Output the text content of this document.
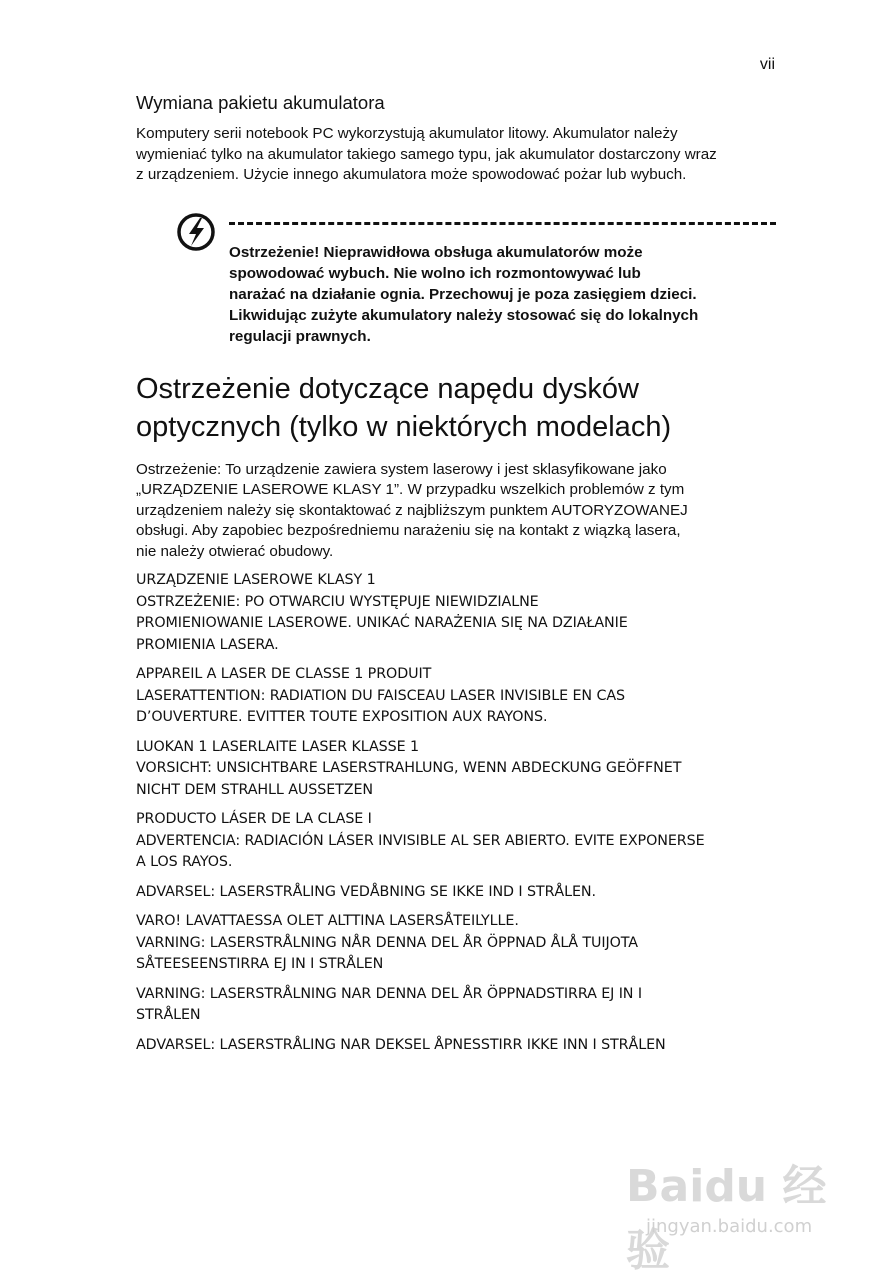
vii
Wymiana pakietu akumulatora

Komputery serii notebook PC wykorzystują akumulator litowy. Akumulator należy
wymieniać tylko na akumulator takiego samego typu, jak akumulator dostarczony wraz
z urządzeniem. Użycie innego akumulatora może spowodować pożar lub wybuch.

Ostrzeżenie! Nieprawidłowa obsługa akumulatorów może
spowodować wybuch. Nie wolno ich rozmontowywać lub
narażać na działanie ognia. Przechowuj je poza zasięgiem dzieci.
Likwidując zużyte akumulatory należy stosować się do lokalnych
regulacji prawnych.
Ostrzeżenie dotyczące napędu dysków
optycznych (tylko w niektórych modelach)

Ostrzeżenie: To urządzenie zawiera system laserowy i jest sklasyfikowane jako
„URZĄDZENIE LASEROWE KLASY 1”. W przypadku wszelkich problemów z tym
urządzeniem należy się skontaktować z najbliższym punktem AUTORYZOWANEJ
obsługi. Aby zapobiec bezpośredniemu narażeniu się na kontakt z wiązką lasera,
nie należy otwierać obudowy.

URZĄDZENIE LASEROWE KLASY 1
OSTRZEŻENIE: PO OTWARCIU WYSTĘPUJE NIEWIDZIALNE
PROMIENIOWANIE LASEROWE. UNIKAĆ NARAŻENIA SIĘ NA DZIAŁANIE
PROMIENIA LASERA.

APPAREIL A LASER DE CLASSE 1 PRODUIT
LASERATTENTION: RADIATION DU FAISCEAU LASER INVISIBLE EN CAS
D’OUVERTURE. EVITTER TOUTE EXPOSITION AUX RAYONS.

LUOKAN 1 LASERLAITE LASER KLASSE 1
VORSICHT: UNSICHTBARE LASERSTRAHLUNG, WENN ABDECKUNG GEÖFFNET
NICHT DEM STRAHLL AUSSETZEN

PRODUCTO LÁSER DE LA CLASE I
ADVERTENCIA: RADIACIÓN LÁSER INVISIBLE AL SER ABIERTO. EVITE EXPONERSE
A LOS RAYOS.

ADVARSEL: LASERSTRÅLING VEDÅBNING SE IKKE IND I STRÅLEN.

VARO! LAVATTAESSA OLET ALTTINA LASERSÅTEILYLLE.
VARNING: LASERSTRÅLNING NÅR DENNA DEL ÅR ÖPPNAD ÅLÅ TUIJOTA
SÅTEESEENSTIRRA EJ IN I STRÅLEN

VARNING: LASERSTRÅLNING NAR DENNA DEL ÅR ÖPPNADSTIRRA EJ IN I
STRÅLEN

ADVARSEL: LASERSTRÅLING NAR DEKSEL ÅPNESSTIRR IKKE INN I STRÅLEN

Baidu 经验
jingyan.baidu.com
